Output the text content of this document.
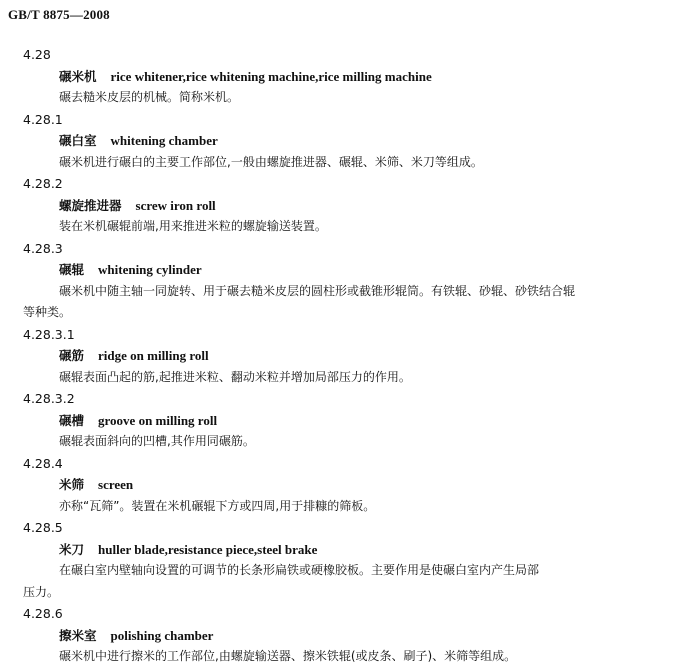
GB/T 8875—2008
4.28
碾米机 rice whitener,rice whitening machine,rice milling machine
碾去糙米皮层的机械。简称米机。
4.28.1
碾白室 whitening chamber
碾米机进行碾白的主要工作部位,一般由螺旋推进器、碾辊、米筛、米刀等组成。
4.28.2
螺旋推进器 screw iron roll
装在米机碾辊前端,用来推进米粒的螺旋输送装置。
4.28.3
碾辊 whitening cylinder
碾米机中随主轴一同旋转、用于碾去糙米皮层的圆柱形或截锥形辊筒。有铁辊、砂辊、砂铁结合辊
等种类。
4.28.3.1
碾筋 ridge on milling roll
碾辊表面凸起的筋,起推进米粒、翻动米粒并增加局部压力的作用。
4.28.3.2
碾槽 groove on milling roll
碾辊表面斜向的凹槽,其作用同碾筋。
4.28.4
米筛 screen
亦称“瓦筛”。装置在米机碾辊下方或四周,用于排糠的筛板。
4.28.5
米刀 huller blade,resistance piece,steel brake
在碾白室内壁轴向设置的可调节的长条形扁铁或硬橡胶板。主要作用是使碾白室内产生局部
压力。
4.28.6
擦米室 polishing chamber
碾米机中进行擦米的工作部位,由螺旋输送器、擦米铁辊(或皮条、刷子)、米筛等组成。
